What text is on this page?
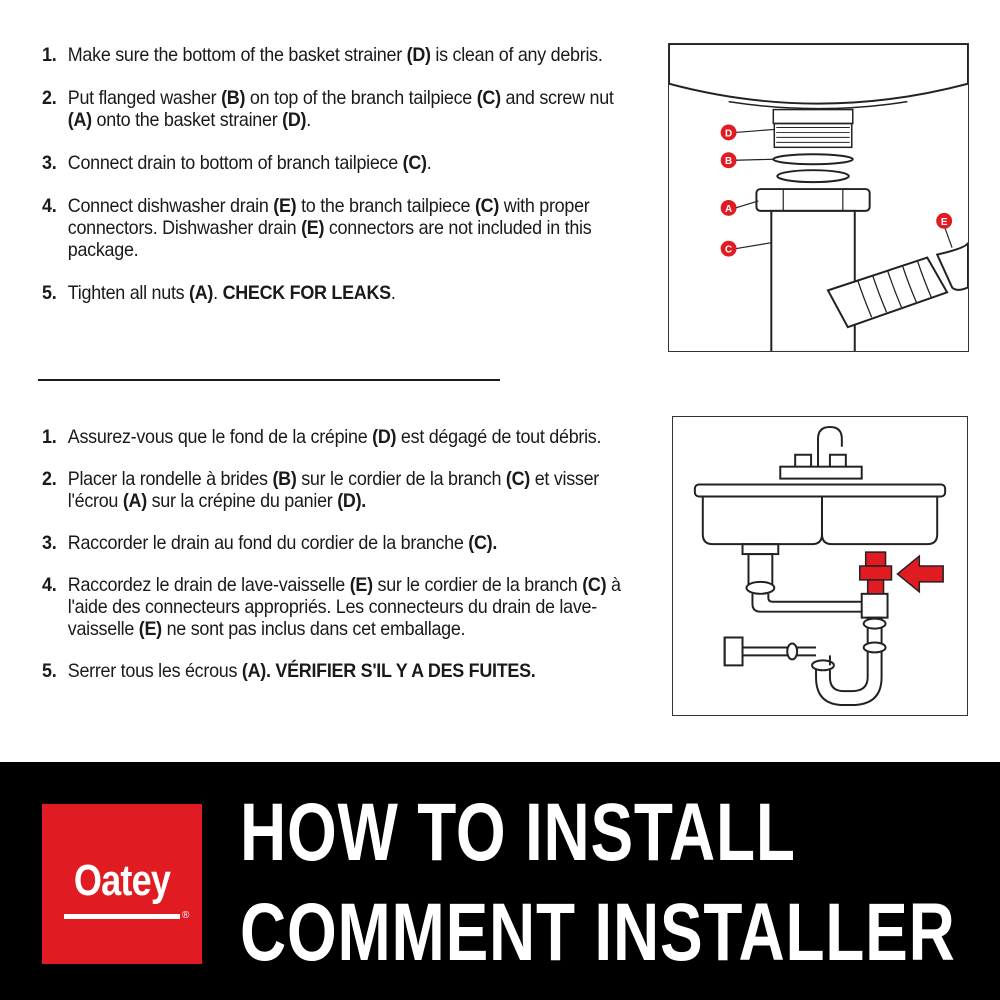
1. Make sure the bottom of the basket strainer (D) is clean of any debris.
2. Put flanged washer (B) on top of the branch tailpiece (C) and screw nut (A) onto the basket strainer (D).
3. Connect drain to bottom of branch tailpiece (C).
4. Connect dishwasher drain (E) to the branch tailpiece (C) with proper connectors. Dishwasher drain (E) connectors are not included in this package.
5. Tighten all nuts (A). CHECK FOR LEAKS.
1. Assurez-vous que le fond de la crépine (D) est dégagé de tout débris.
2. Placer la rondelle à brides (B) sur le cordier de la branch (C) et visser l'écrou (A) sur la crépine du panier (D).
3. Raccorder le drain au fond du cordier de la branche (C).
4. Raccordez le drain de lave-vaisselle (E) sur le cordier de la branch (C) à l'aide des connecteurs appropriés. Les connecteurs du drain de lave-vaisselle (E) ne sont pas inclus dans cet emballage.
5. Serrer tous les écrous (A). VÉRIFIER S'IL Y A DES FUITES.
D
B
A
C
E
Oatey
®
HOW TO INSTALL
COMMENT INSTALLER
